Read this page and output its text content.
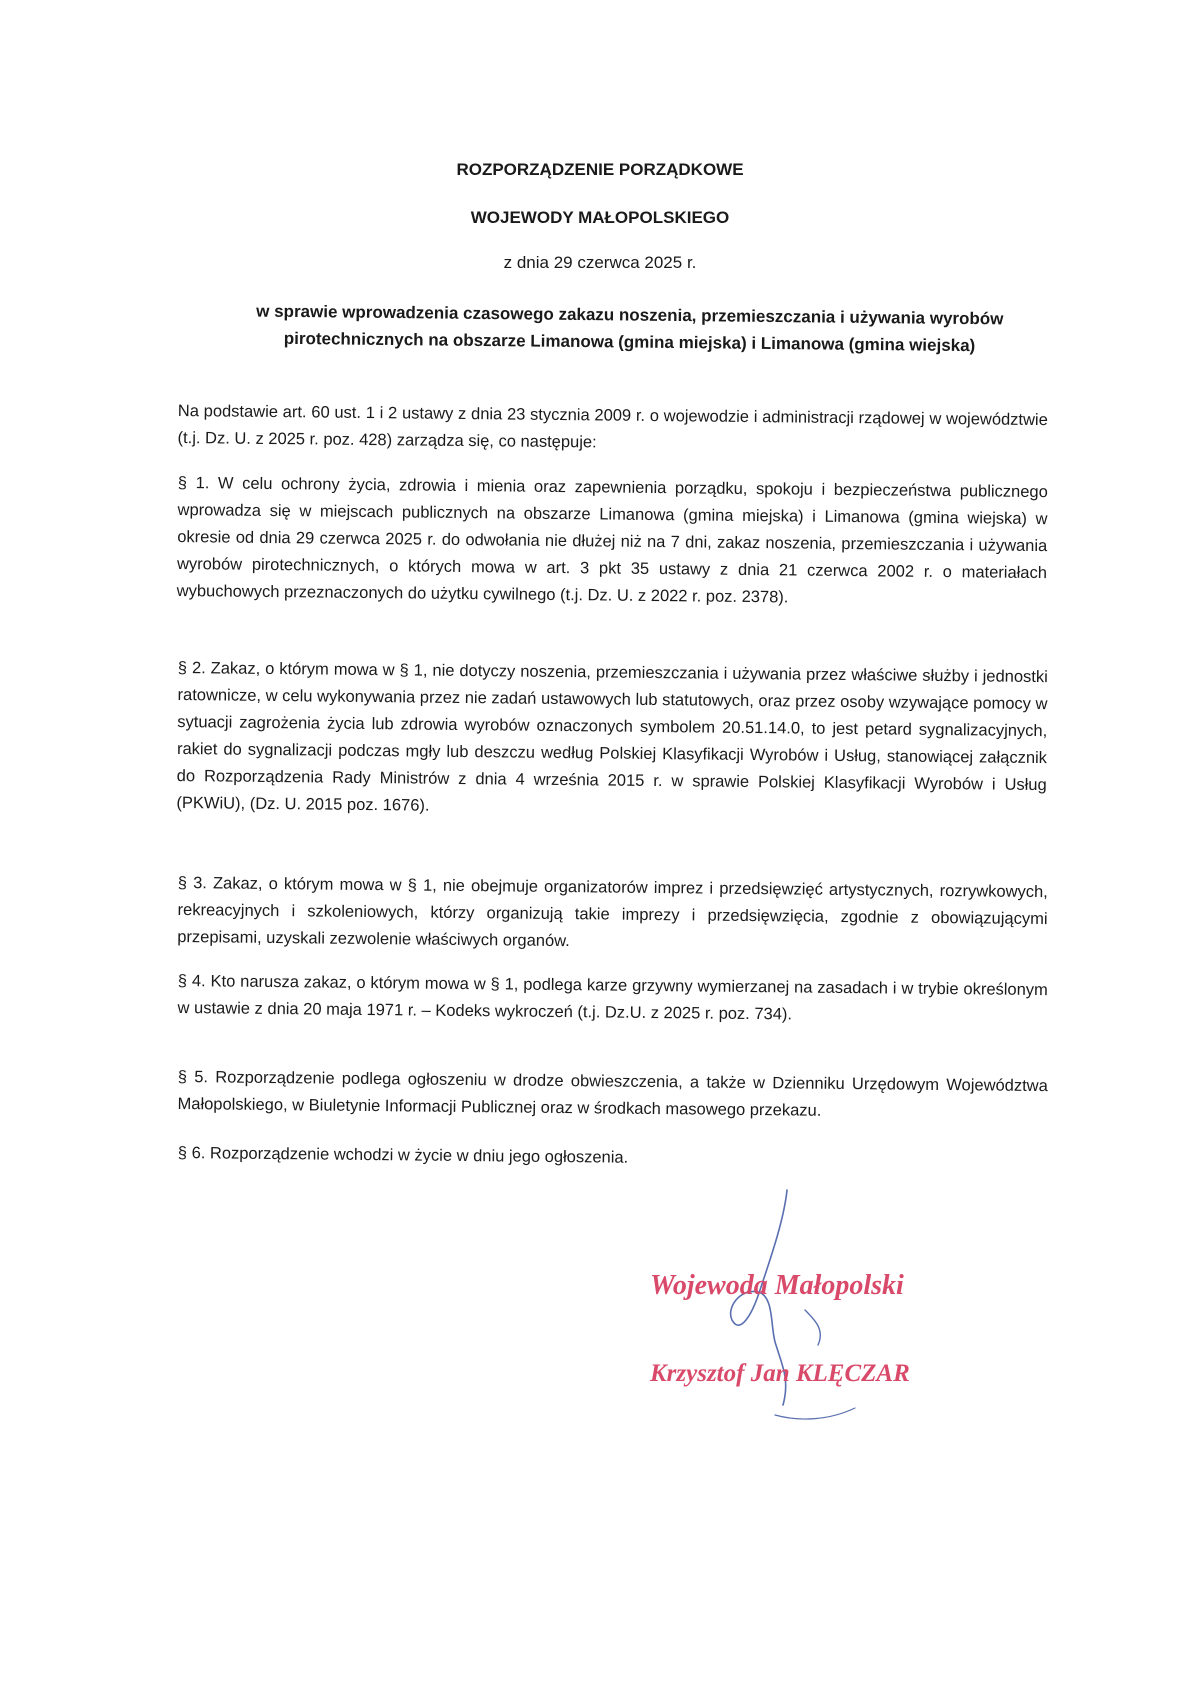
ROZPORZĄDZENIE PORZĄDKOWE
WOJEWODY MAŁOPOLSKIEGO
z dnia 29 czerwca 2025 r.
w sprawie wprowadzenia czasowego zakazu noszenia, przemieszczania i używania wyrobów pirotechnicznych na obszarze Limanowa (gmina miejska) i Limanowa (gmina wiejska)
Na podstawie art. 60 ust. 1 i 2 ustawy z dnia 23 stycznia 2009 r. o wojewodzie i administracji rządowej w województwie (t.j. Dz. U. z 2025 r. poz. 428) zarządza się, co następuje:
§ 1. W celu ochrony życia, zdrowia i mienia oraz zapewnienia porządku, spokoju i bezpieczeństwa publicznego wprowadza się w miejscach publicznych na obszarze Limanowa (gmina miejska) i Limanowa (gmina wiejska) w okresie od dnia 29 czerwca 2025 r. do odwołania nie dłużej niż na 7 dni, zakaz noszenia, przemieszczania i używania wyrobów pirotechnicznych, o których mowa w art. 3 pkt 35 ustawy z dnia 21 czerwca 2002 r. o materiałach wybuchowych przeznaczonych do użytku cywilnego (t.j. Dz. U. z 2022 r. poz. 2378).
§ 2. Zakaz, o którym mowa w § 1, nie dotyczy noszenia, przemieszczania i używania przez właściwe służby i jednostki ratownicze, w celu wykonywania przez nie zadań ustawowych lub statutowych, oraz przez osoby wzywające pomocy w sytuacji zagrożenia życia lub zdrowia wyrobów oznaczonych symbolem 20.51.14.0, to jest petard sygnalizacyjnych, rakiet do sygnalizacji podczas mgły lub deszczu według Polskiej Klasyfikacji Wyrobów i Usług, stanowiącej załącznik do Rozporządzenia Rady Ministrów z dnia 4 września 2015 r. w sprawie Polskiej Klasyfikacji Wyrobów i Usług (PKWiU), (Dz. U. 2015 poz. 1676).
§ 3. Zakaz, o którym mowa w § 1, nie obejmuje organizatorów imprez i przedsięwzięć artystycznych, rozrywkowych, rekreacyjnych i szkoleniowych, którzy organizują takie imprezy i przedsięwzięcia, zgodnie z obowiązującymi przepisami, uzyskali zezwolenie właściwych organów.
§ 4. Kto narusza zakaz, o którym mowa w § 1, podlega karze grzywny wymierzanej na zasadach i w trybie określonym w ustawie z dnia 20 maja 1971 r. – Kodeks wykroczeń (t.j. Dz.U. z 2025 r. poz. 734).
§ 5. Rozporządzenie podlega ogłoszeniu w drodze obwieszczenia, a także w Dzienniku Urzędowym Województwa Małopolskiego, w Biuletynie Informacji Publicznej oraz w środkach masowego przekazu.
§ 6. Rozporządzenie wchodzi w życie w dniu jego ogłoszenia.
Wojewoda Małopolski
Krzysztof Jan KLĘCZAR
